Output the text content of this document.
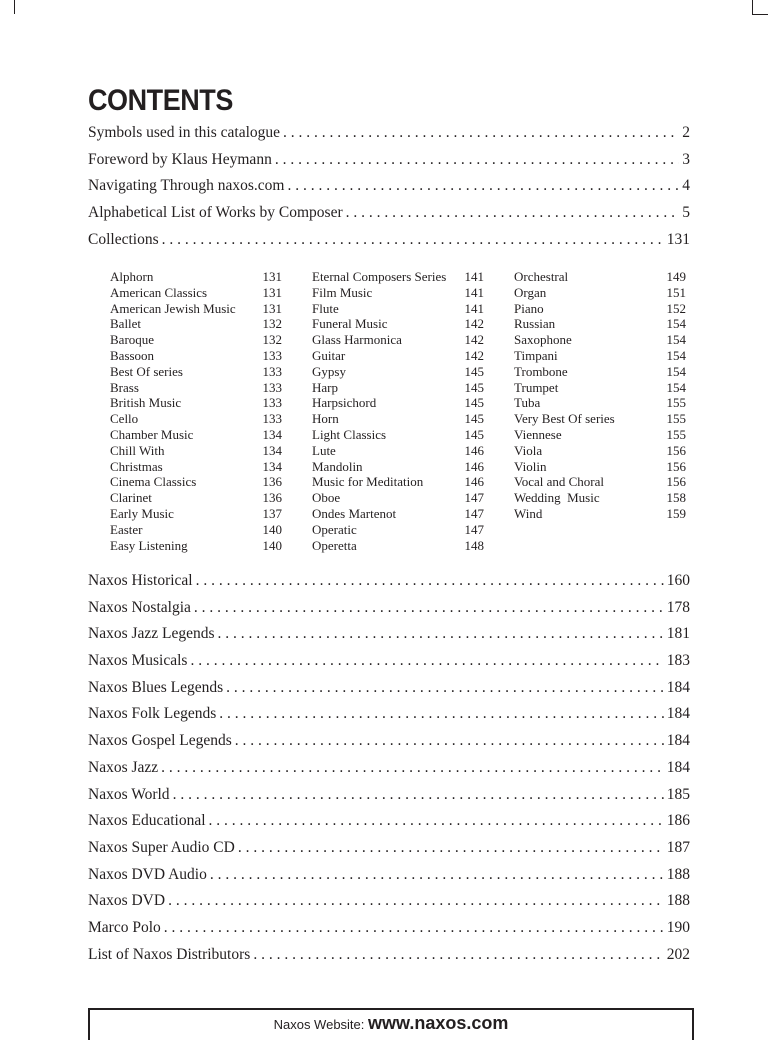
CONTENTS
Symbols used in this catalogue . . .	2
Foreword by Klaus Heymann . . .	3
Navigating Through naxos.com . . .	4
Alphabetical List of Works by Composer . . .	5
Collections . . .	131
Alphorn	131
American Classics	131
American Jewish Music 131
Ballet	132
Baroque	132
Bassoon	133
Best Of series	133
Brass	133
British Music	133
Cello	133
Chamber Music	134
Chill With	134
Christmas	134
Cinema Classics	136
Clarinet	136
Early Music	137
Easter	140
Easy Listening	140
Eternal Composers Series 141
Film Music	141
Flute	141
Funeral Music	142
Glass Harmonica	142
Guitar	142
Gypsy	145
Harp	145
Harpsichord	145
Horn	145
Light Classics	145
Lute	146
Mandolin	146
Music for Meditation	146
Oboe	147
Ondes Martenot	147
Operatic	147
Operetta	148
Orchestral	149
Organ	151
Piano	152
Russian	154
Saxophone	154
Timpani	154
Trombone	154
Trumpet	154
Tuba	155
Very Best Of series	155
Viennese	155
Viola	156
Violin	156
Vocal and Choral	156
Wedding  Music	158
Wind	159
Naxos Historical . . .	160
Naxos Nostalgia . . .	178
Naxos Jazz Legends . . .	181
Naxos Musicals . . .	183
Naxos Blues Legends . . .	184
Naxos Folk Legends . . .	184
Naxos Gospel Legends . . .	184
Naxos Jazz . . .	184
Naxos World . . .	185
Naxos Educational . . .	186
Naxos Super Audio CD . . .	187
Naxos DVD Audio . . .	188
Naxos DVD . . .	188
Marco Polo . . .	190
List of Naxos Distributors . . .	202
Naxos Website: www.naxos.com
